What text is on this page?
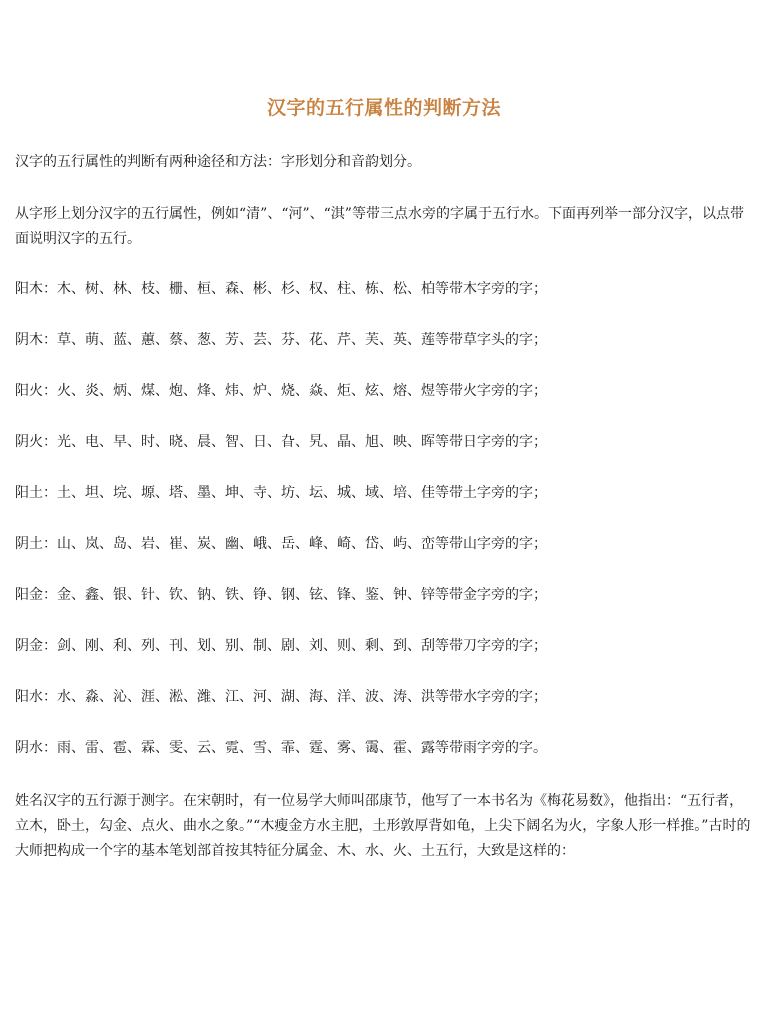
汉字的五行属性的判断方法
汉字的五行属性的判断有两种途径和方法：字形划分和音韵划分。
从字形上划分汉字的五行属性，例如“清”、“河”、“淇”等带三点水旁的字属于五行水。下面再列举一部分汉字，以点带面说明汉字的五行。
阳木：木、树、林、枝、栅、桓、森、彬、杉、权、柱、栋、松、柏等带木字旁的字；
阴木：草、萌、蓝、蕙、蔡、葱、芳、芸、芬、花、芹、芙、英、莲等带草字头的字；
阳火：火、炎、炳、煤、炮、烽、炜、炉、烧、焱、炬、炫、熔、煜等带火字旁的字；
阴火：光、电、早、时、晓、晨、智、日、旮、旯、晶、旭、映、晖等带日字旁的字；
阳土：土、坦、垸、塬、塔、墨、坤、寺、坊、坛、城、域、培、佳等带土字旁的字；
阴土：山、岚、岛、岩、崔、炭、幽、峨、岳、峰、崎、岱、屿、峦等带山字旁的字；
阳金：金、鑫、银、针、钦、钠、铁、铮、钢、铉、锋、鉴、钟、锌等带金字旁的字；
阴金：剑、刚、利、列、刊、划、别、制、剧、刘、则、剩、到、刮等带刀字旁的字；
阳水：水、淼、沁、涯、淞、潍、江、河、湖、海、洋、波、涛、洪等带水字旁的字；
阴水：雨、雷、雹、霖、雯、云、霓、雪、霏、霆、雾、霭、霍、露等带雨字旁的字。
姓名汉字的五行源于测字。在宋朝时，有一位易学大师叫邵康节，他写了一本书名为《梅花易数》，他指出：“五行者，立木，卧土，勾金、点火、曲水之象。”“木瘦金方水主肥，土形敦厚背如龟，上尖下阔名为火，字象人形一样推。”古时的大师把构成一个字的基本笔划部首按其特征分属金、木、水、火、土五行，大致是这样的：
